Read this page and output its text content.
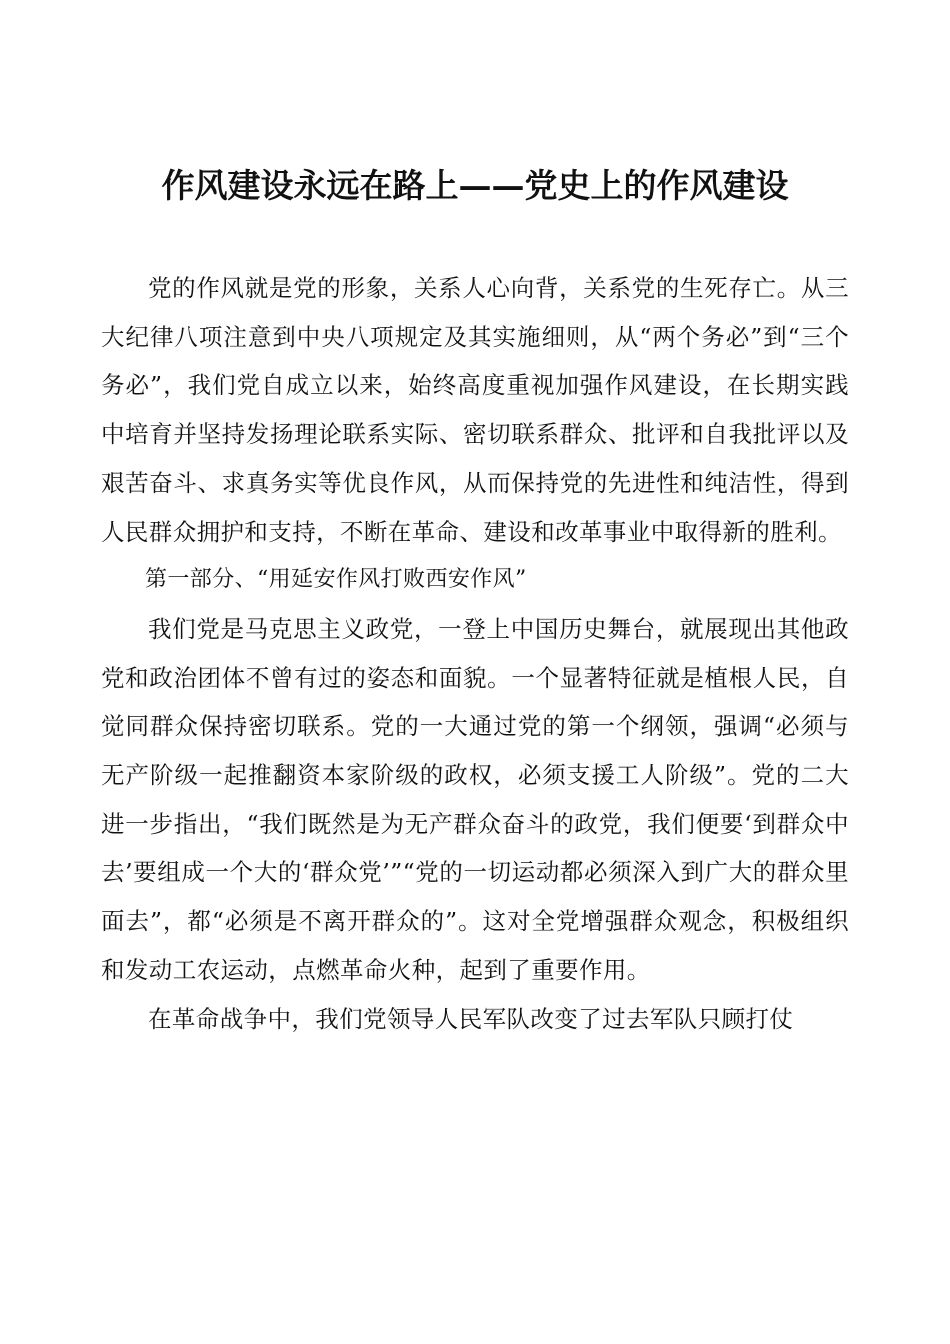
作风建设永远在路上——党史上的作风建设

党的作风就是党的形象，关系人心向背，关系党的生死存亡。从三大纪律八项注意到中央八项规定及其实施细则，从“两个务必”到“三个务必”，我们党自成立以来，始终高度重视加强作风建设，在长期实践中培育并坚持发扬理论联系实际、密切联系群众、批评和自我批评以及艰苦奋斗、求真务实等优良作风，从而保持党的先进性和纯洁性，得到人民群众拥护和支持，不断在革命、建设和改革事业中取得新的胜利。

第一部分、“用延安作风打败西安作风”

我们党是马克思主义政党，一登上中国历史舞台，就展现出其他政党和政治团体不曾有过的姿态和面貌。一个显著特征就是植根人民，自觉同群众保持密切联系。党的一大通过党的第一个纲领，强调“必须与无产阶级一起推翻资本家阶级的政权，必须支援工人阶级”。党的二大进一步指出，“我们既然是为无产群众奋斗的政党，我们便要‘到群众中去’要组成一个大的‘群众党’”“党的一切运动都必须深入到广大的群众里面去”，都“必须是不离开群众的”。这对全党增强群众观念，积极组织和发动工农运动，点燃革命火种，起到了重要作用。

在革命战争中，我们党领导人民军队改变了过去军队只顾打仗
